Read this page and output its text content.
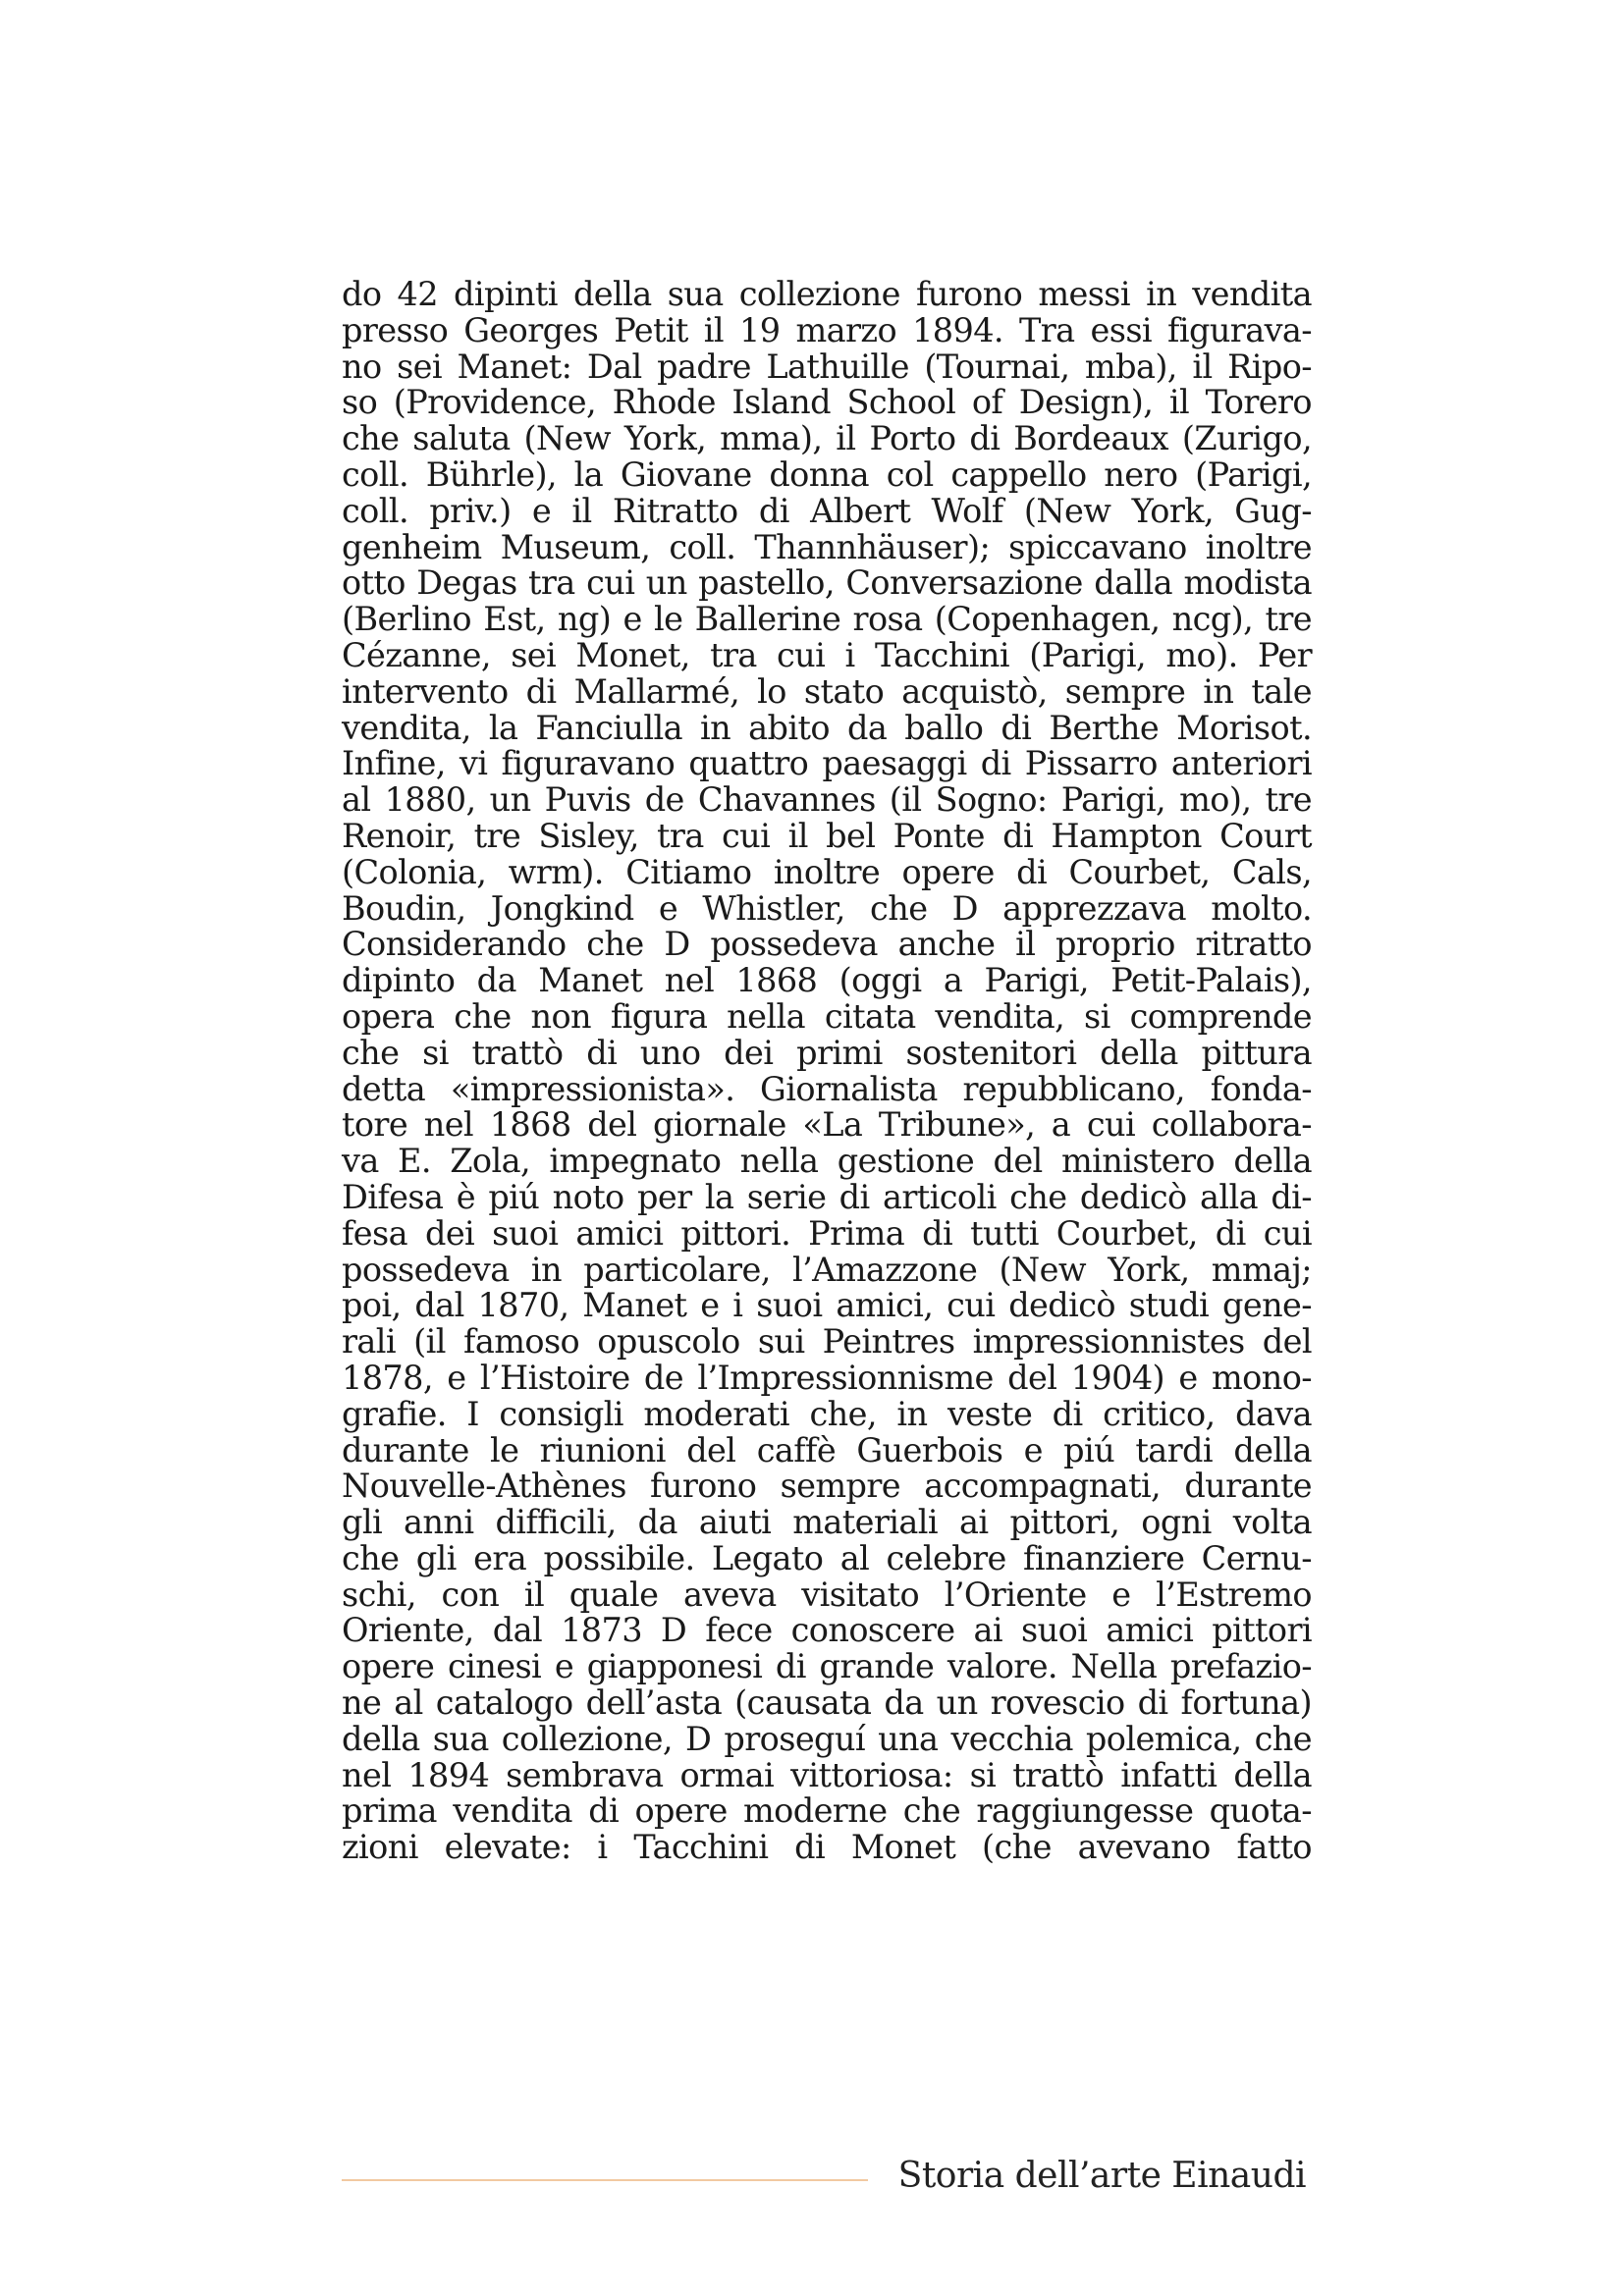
do 42 dipinti della sua collezione furono messi in vendita
presso Georges Petit il 19 marzo 1894. Tra essi figurava-
no sei Manet: Dal padre Lathuille (Tournai, mba), il Ripo-
so (Providence, Rhode Island School of Design), il Torero
che saluta (New York, mma), il Porto di Bordeaux (Zurigo,
coll. Bührle), la Giovane donna col cappello nero (Parigi,
coll. priv.) e il Ritratto di Albert Wolf (New York, Gug-
genheim Museum, coll. Thannhäuser); spiccavano inoltre
otto Degas tra cui un pastello, Conversazione dalla modista
(Berlino Est, ng) e le Ballerine rosa (Copenhagen, ncg), tre
Cézanne, sei Monet, tra cui i Tacchini (Parigi, mo). Per
intervento di Mallarmé, lo stato acquistò, sempre in tale
vendita, la Fanciulla in abito da ballo di Berthe Morisot.
Infine, vi figuravano quattro paesaggi di Pissarro anteriori
al 1880, un Puvis de Chavannes (il Sogno: Parigi, mo), tre
Renoir, tre Sisley, tra cui il bel Ponte di Hampton Court
(Colonia, wrm). Citiamo inoltre opere di Courbet, Cals,
Boudin, Jongkind e Whistler, che D apprezzava molto.
Considerando che D possedeva anche il proprio ritratto
dipinto da Manet nel 1868 (oggi a Parigi, Petit-Palais),
opera che non figura nella citata vendita, si comprende
che si trattò di uno dei primi sostenitori della pittura
detta «impressionista». Giornalista repubblicano, fonda-
tore nel 1868 del giornale «La Tribune», a cui collabora-
va E. Zola, impegnato nella gestione del ministero della
Difesa è piú noto per la serie di articoli che dedicò alla di-
fesa dei suoi amici pittori. Prima di tutti Courbet, di cui
possedeva in particolare, l’Amazzone (New York, mmaj;
poi, dal 1870, Manet e i suoi amici, cui dedicò studi gene-
rali (il famoso opuscolo sui Peintres impressionnistes del
1878, e l’Histoire de l’Impressionnisme del 1904) e mono-
grafie. I consigli moderati che, in veste di critico, dava
durante le riunioni del caffè Guerbois e piú tardi della
Nouvelle-Athènes furono sempre accompagnati, durante
gli anni difficili, da aiuti materiali ai pittori, ogni volta
che gli era possibile. Legato al celebre finanziere Cernu-
schi, con il quale aveva visitato l’Oriente e l’Estremo
Oriente, dal 1873 D fece conoscere ai suoi amici pittori
opere cinesi e giapponesi di grande valore. Nella prefazio-
ne al catalogo dell’asta (causata da un rovescio di fortuna)
della sua collezione, D proseguí una vecchia polemica, che
nel 1894 sembrava ormai vittoriosa: si trattò infatti della
prima vendita di opere moderne che raggiungesse quota-
zioni elevate: i Tacchini di Monet (che avevano fatto
Storia dell’arte Einaudi
